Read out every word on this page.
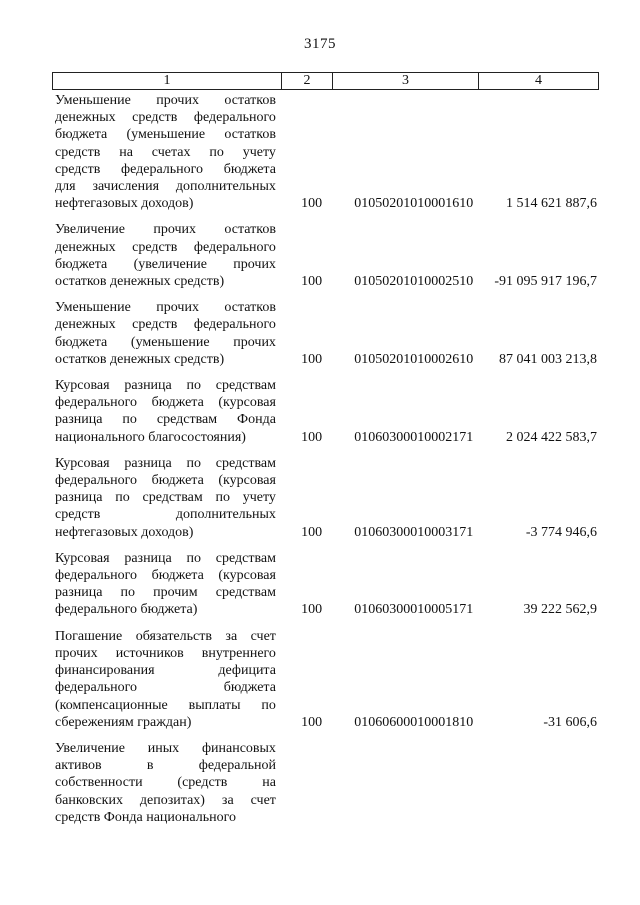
3175
1	2	3	4
Уменьшение прочих остатков
денежных средств федерального
бюджета (уменьшение остатков
средств на счетах по учету
средств федерального бюджета
для зачисления дополнительных
нефтегазовых доходов)	100	01050201010001610	1 514 621 887,6
Увеличение прочих остатков
денежных средств федерального
бюджета (увеличение прочих
остатков денежных средств)	100	01050201010002510	-91 095 917 196,7
Уменьшение прочих остатков
денежных средств федерального
бюджета (уменьшение прочих
остатков денежных средств)	100	01050201010002610	87 041 003 213,8
Курсовая разница по средствам
федерального бюджета (курсовая
разница по средствам Фонда
национального благосостояния)	100	01060300010002171	2 024 422 583,7
Курсовая разница по средствам
федерального бюджета (курсовая
разница по средствам по учету
средств дополнительных
нефтегазовых доходов)	100	01060300010003171	-3 774 946,6
Курсовая разница по средствам
федерального бюджета (курсовая
разница по прочим средствам
федерального бюджета)	100	01060300010005171	39 222 562,9
Погашение обязательств за счет
прочих источников внутреннего
финансирования дефицита
федерального бюджета
(компенсационные выплаты по
сбережениям граждан)	100	01060600010001810	-31 606,6
Увеличение иных финансовых
активов в федеральной
собственности (средств на
банковских депозитах) за счет
средств Фонда национального
